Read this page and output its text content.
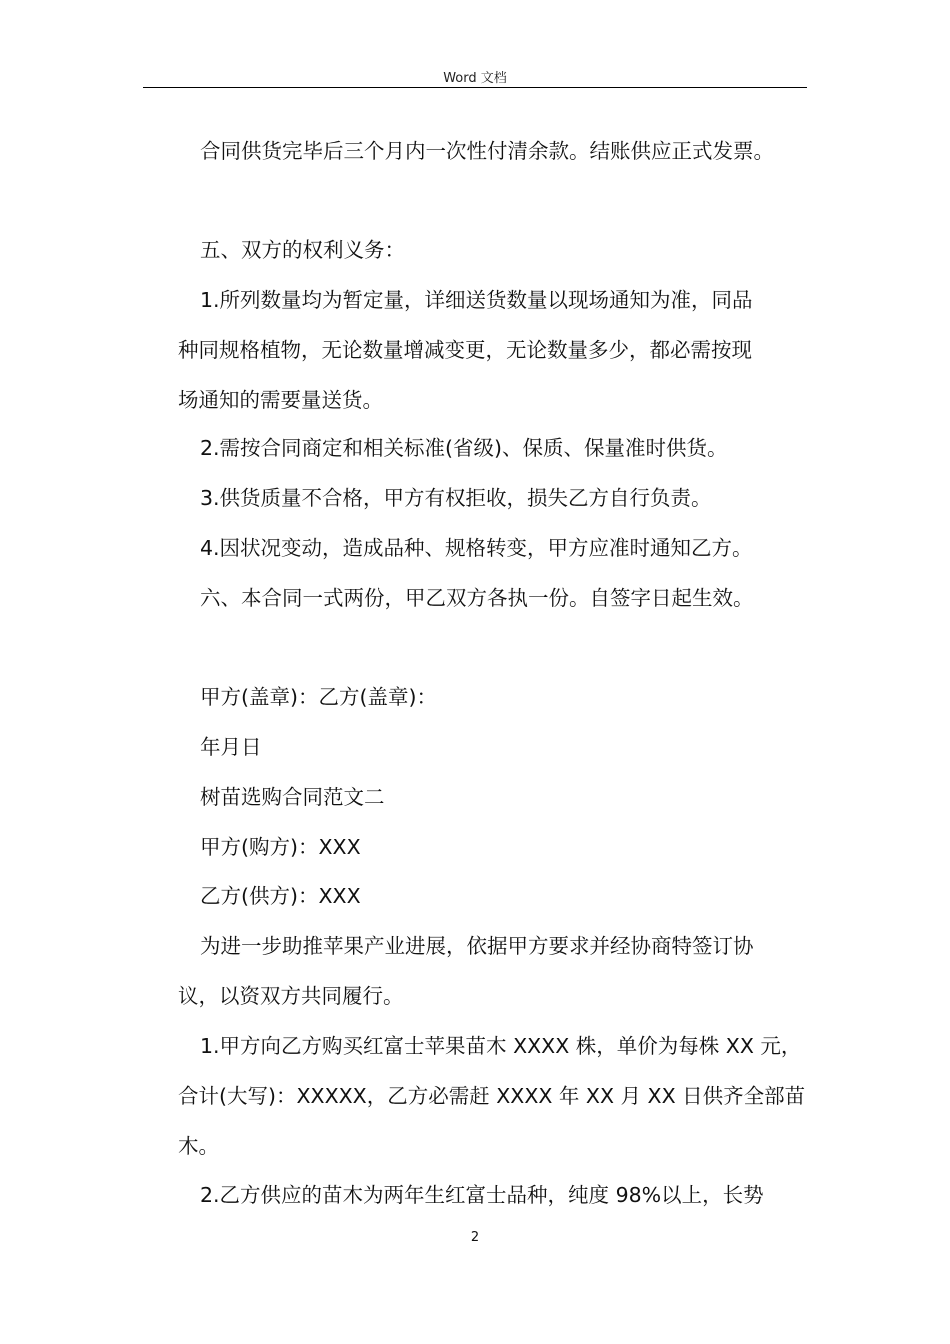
Word 文档
合同供货完毕后三个月内一次性付清余款。结账供应正式发票。
五、双方的权利义务：
1.所列数量均为暂定量，详细送货数量以现场通知为准，同品
种同规格植物，无论数量增减变更，无论数量多少，都必需按现
场通知的需要量送货。
2.需按合同商定和相关标准(省级)、保质、保量准时供货。
3.供货质量不合格，甲方有权拒收，损失乙方自行负责。
4.因状况变动，造成品种、规格转变，甲方应准时通知乙方。
六、本合同一式两份，甲乙双方各执一份。自签字日起生效。
甲方(盖章)：乙方(盖章)：
年月日
树苗选购合同范文二
甲方(购方)：XXX
乙方(供方)：XXX
为进一步助推苹果产业进展，依据甲方要求并经协商特签订协
议，以资双方共同履行。
1.甲方向乙方购买红富士苹果苗木 XXXX 株，单价为每株 XX 元，
合计(大写)：XXXXX，乙方必需赶 XXXX 年 XX 月 XX 日供齐全部苗
木。
2.乙方供应的苗木为两年生红富士品种，纯度 98%以上，长势
2
